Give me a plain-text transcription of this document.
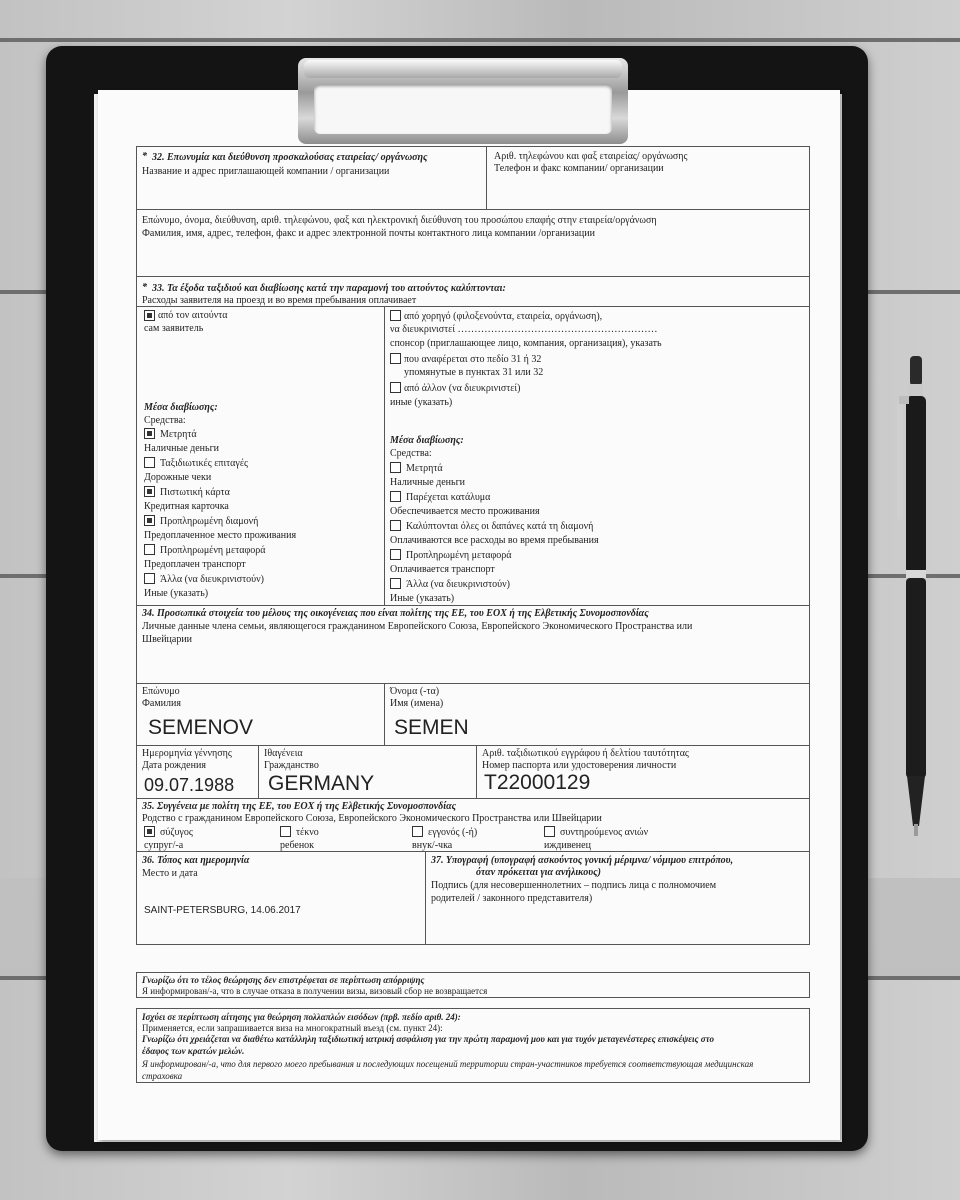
* 32. Επωνυμία και διεύθυνση προσκαλούσας εταιρείας/ οργάνωσης
Название и адрес приглашающей компании / организации
Αριθ. τηλεφώνου και φαξ εταιρείας/ οργάνωσης
Телефон и факс компании/ организации
Επώνυμο, όνομα, διεύθυνση, αριθ. τηλεφώνου, φαξ και ηλεκτρονική διεύθυνση του προσώπου επαφής στην εταιρεία/οργάνωση
Фамилия, имя, адрес, телефон, факс и адрес электронной почты контактного лица компании /организации
* 33. Τα έξοδα ταξιδιού και διαβίωσης κατά την παραμονή του αιτούντος καλύπτονται:
Расходы заявителя на проезд и во время пребывания оплачивает
από τον αιτούντα
сам заявитель
Μέσα διαβίωσης:
Средства:
Μετρητά
Наличные деньги
Ταξιδιωτικές επιταγές
Дорожные чеки
Πιστωτική κάρτα
Кредитная карточка
Προπληρωμένη διαμονή
Предоплаченное место проживания
Προπληρωμένη μεταφορά
Предоплачен транспорт
Άλλα (να διευκρινιστούν)
Иные (указать)
από χορηγό (φιλοξενούντα, εταιρεία, οργάνωση),
να διευκρινιστεί ……………………………………………………
спонсор (приглашающее лицо, компания, организация), указать
που αναφέρεται στο πεδίο 31 ή 32
упомянутые в пунктах 31 или 32
από άλλον (να διευκρινιστεί)
иные (указать)
Μέσα διαβίωσης:
Средства:
Μετρητά
Наличные деньги
Παρέχεται κατάλυμα
Обеспечивается место проживания
Καλύπτονται όλες οι δαπάνες κατά τη διαμονή
Оплачиваются все расходы во время пребывания
Προπληρωμένη μεταφορά
Оплачивается транспорт
Άλλα (να διευκρινιστούν)
Иные (указать)
34. Προσωπικά στοιχεία του μέλους της οικογένειας που είναι πολίτης της ΕΕ, του ΕΟΧ ή της Ελβετικής Συνομοσπονδίας
Личные данные члена семьи, являющегося гражданином Европейского Союза, Европейского Экономического Пространства или
Швейцарии
Επώνυμο
Фамилия
SEMENOV
Όνομα (-τα)
Имя (имена)
SEMEN
Ημερομηνία γέννησης
Дата рождения
09.07.1988
Ιθαγένεια
Гражданство
GERMANY
Αριθ. ταξιδιωτικού εγγράφου ή δελτίου ταυτότητας
Номер паспорта или удостоверения личности
T22000129
35. Συγγένεια με πολίτη της ΕΕ, του ΕΟΧ ή της Ελβετικής Συνομοσπονδίας
Родство с гражданином Европейского Союза, Европейского Экономического Пространства или Швейцарии
σύζυγος
супруг/-а
τέκνο
ребенок
εγγονός (-ή)
внук/-чка
συντηρούμενος ανιών
иждивенец
36. Τόπος και ημερομηνία
Место и дата
SAINT-PETERSBURG, 14.06.2017
37. Υπογραφή (υπογραφή ασκούντος γονική μέριμνα/ νόμιμου επιτρόπου,
όταν πρόκειται για ανήλικους)
Подпись (для несовершеннолетних – подпись лица с полномочием
родителей / законного представителя)
Γνωρίζω ότι το τέλος θεώρησης δεν επιστρέφεται σε περίπτωση απόρριψης
Я информирован/-а, что в случае отказа в получении визы, визовый сбор не возвращается
Ισχύει σε περίπτωση αίτησης για θεώρηση πολλαπλών εισόδων (πρβ. πεδίο αριθ. 24):
Применяется, если запрашивается виза на многократный въезд (см. пункт 24):
Γνωρίζω ότι χρειάζεται να διαθέτω κατάλληλη ταξιδιωτική ιατρική ασφάλιση για την πρώτη παραμονή μου και για τυχόν μεταγενέστερες επισκέψεις στο
έδαφος των κρατών μελών.
Я информирован/-а, что для первого моего пребывания и последующих посещений территории стран-участников требуется соответствующая медицинская
страховка
